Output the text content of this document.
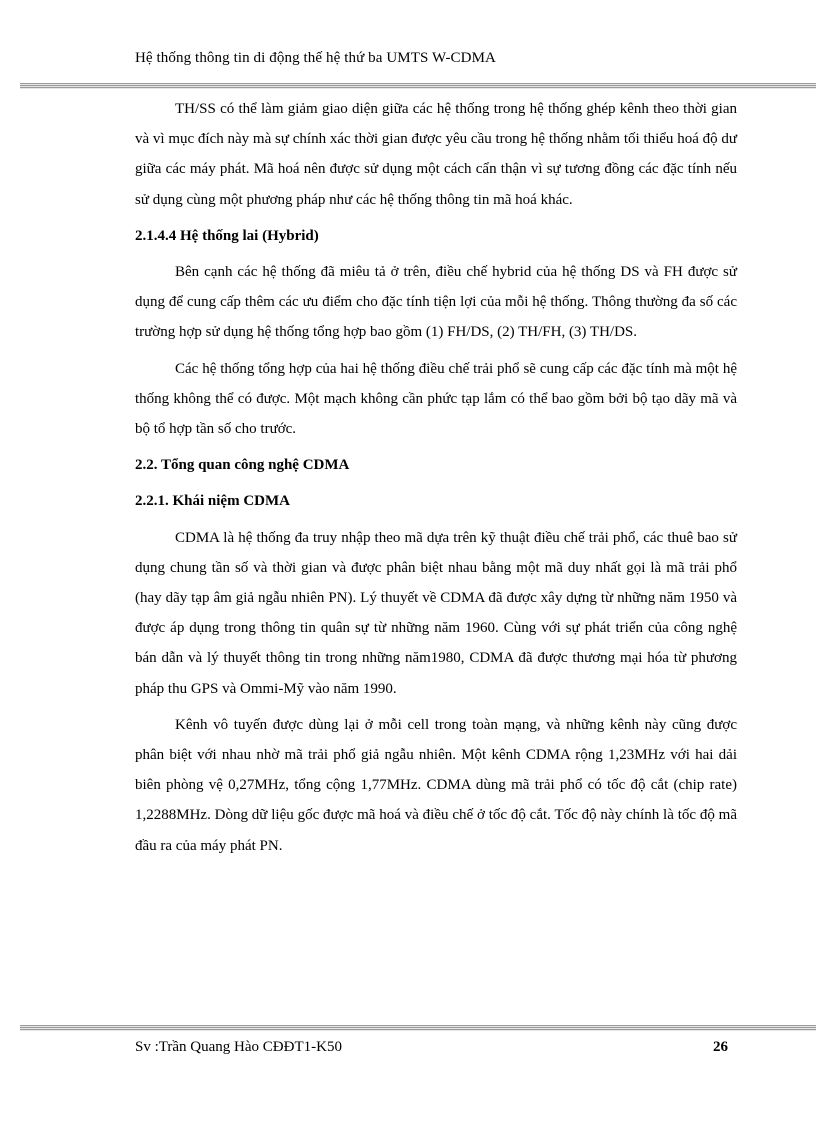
Hệ thống thông tin di động thế hệ thứ ba UMTS W-CDMA

TH/SS có thể làm giảm giao diện giữa các hệ thống trong hệ thống ghép kênh theo thời gian và vì mục đích này mà sự chính xác thời gian được yêu cầu trong hệ thống nhằm tối thiểu hoá độ dư giữa các máy phát. Mã hoá nên được sử dụng một cách cẩn thận vì sự tương đồng các đặc tính nếu sử dụng cùng một phương pháp như các hệ thống thông tin mã hoá khác.

2.1.4.4 Hệ thống lai (Hybrid)

Bên cạnh các hệ thống đã miêu tả ở trên, điều chế hybrid của hệ thống DS và FH được sử dụng để cung cấp thêm các ưu điểm cho đặc tính tiện lợi của mỗi hệ thống. Thông thường đa số các trường hợp sử dụng hệ thống tổng hợp bao gồm (1) FH/DS, (2) TH/FH, (3) TH/DS.

Các hệ thống tổng hợp của hai hệ thống điều chế trải phổ sẽ cung cấp các đặc tính mà một hệ thống không thể có được. Một mạch không cần phức tạp lắm có thể bao gồm bởi bộ tạo dãy mã và bộ tổ hợp tần số cho trước.

2.2. Tổng quan công nghệ CDMA
2.2.1. Khái niệm CDMA

CDMA là hệ thống đa truy nhập theo mã dựa trên kỹ thuật điều chế trải phổ, các thuê bao sử dụng chung tần số và thời gian và được phân biệt nhau bằng một mã duy nhất gọi là mã trải phổ (hay dãy tạp âm giả ngẫu nhiên PN). Lý thuyết về CDMA đã được xây dựng từ những năm 1950 và được áp dụng trong thông tin quân sự từ những năm 1960. Cùng với sự phát triển của công nghệ bán dẫn và lý thuyết thông tin trong những năm1980, CDMA đã được thương mại hóa từ phương pháp thu GPS và Ommi-Mỹ vào năm 1990.

Kênh vô tuyến được dùng lại ở mỗi cell trong toàn mạng, và những kênh này cũng được phân biệt với nhau nhờ mã trải phổ giả ngẫu nhiên. Một kênh CDMA rộng 1,23MHz với hai dải biên phòng vệ 0,27MHz, tổng cộng 1,77MHz. CDMA dùng mã trải phổ có tốc độ cắt (chip rate) 1,2288MHz. Dòng dữ liệu gốc được mã hoá và điều chế ở tốc độ cắt. Tốc độ này chính là tốc độ mã đầu ra của máy phát PN.

Sv :Trần Quang Hào CĐĐT1-K50	26
